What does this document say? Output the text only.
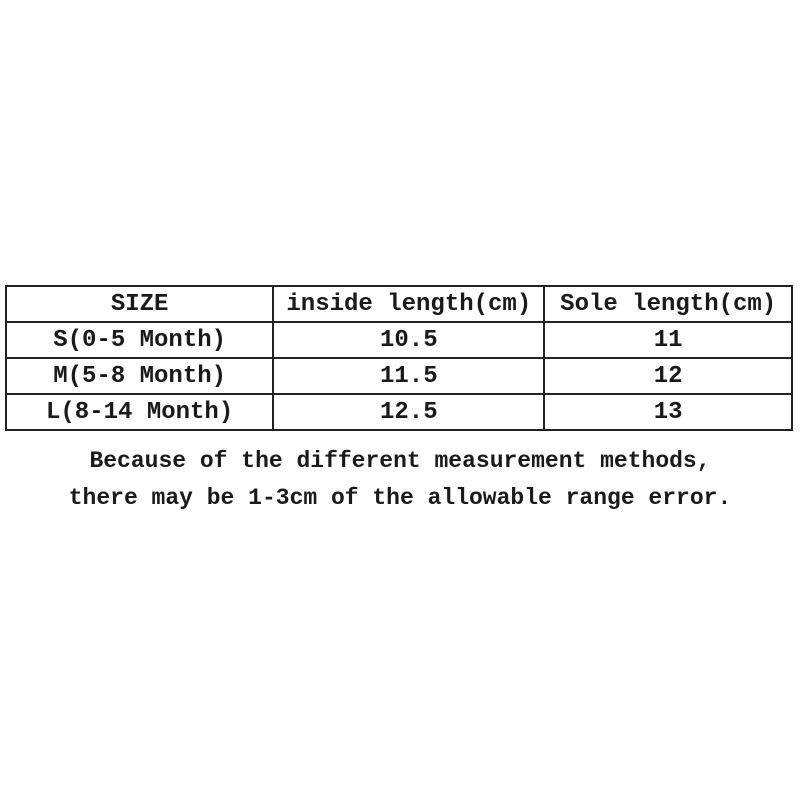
SIZE	inside length(cm)	Sole length(cm)
S(0-5 Month)	10.5	11
M(5-8 Month)	11.5	12
L(8-14 Month)	12.5	13

Because of the different measurement methods,

there may be 1-3cm of the allowable range error.
